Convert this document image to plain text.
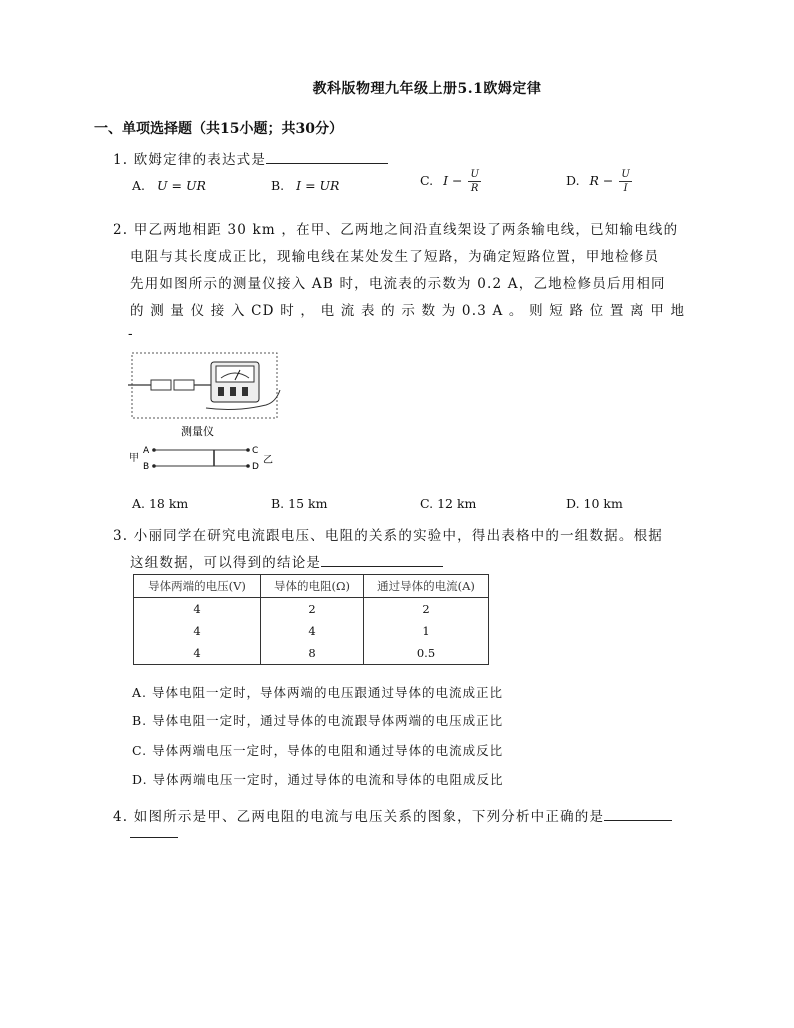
教科版物理九年级上册5.1欧姆定律
一、单项选择题（共15小题；共30分）
1. 欧姆定律的表达式是
A. U = UR	B. I = UR	C. $I - \frac{U}{R}$	D. $R - \frac{U}{I}$
2. 甲乙两地相距 30 km ，在甲、乙两地之间沿直线架设了两条输电线，已知输电线的
电阻与其长度成正比，现输电线在某处发生了短路，为确定短路位置，甲地检修员
先用如图所示的测量仪接入 AB 时，电流表的示数为 0.2 A，乙地检修员后用相同
的 测 量 仪 接 入 CD 时 ， 电 流 表 的 示 数 为 0.3 A 。 则 短 路 位 置 离 甲 地
-
测量仪
甲
A
B
C
D
乙
A. 18 km	B. 15 km	C. 12 km	D. 10 km
3. 小丽同学在研究电流跟电压、电阻的关系的实验中，得出表格中的一组数据。根据
这组数据，可以得到的结论是
导体两端的电压(V)	导体的电阻(Ω)	通过导体的电流(A)
4	2	2
4	4	1
4	8	0.5
A. 导体电阻一定时，导体两端的电压跟通过导体的电流成正比
B. 导体电阻一定时，通过导体的电流跟导体两端的电压成正比
C. 导体两端电压一定时，导体的电阻和通过导体的电流成反比
D. 导体两端电压一定时，通过导体的电流和导体的电阻成反比
4. 如图所示是甲、乙两电阻的电流与电压关系的图象，下列分析中正确的是
